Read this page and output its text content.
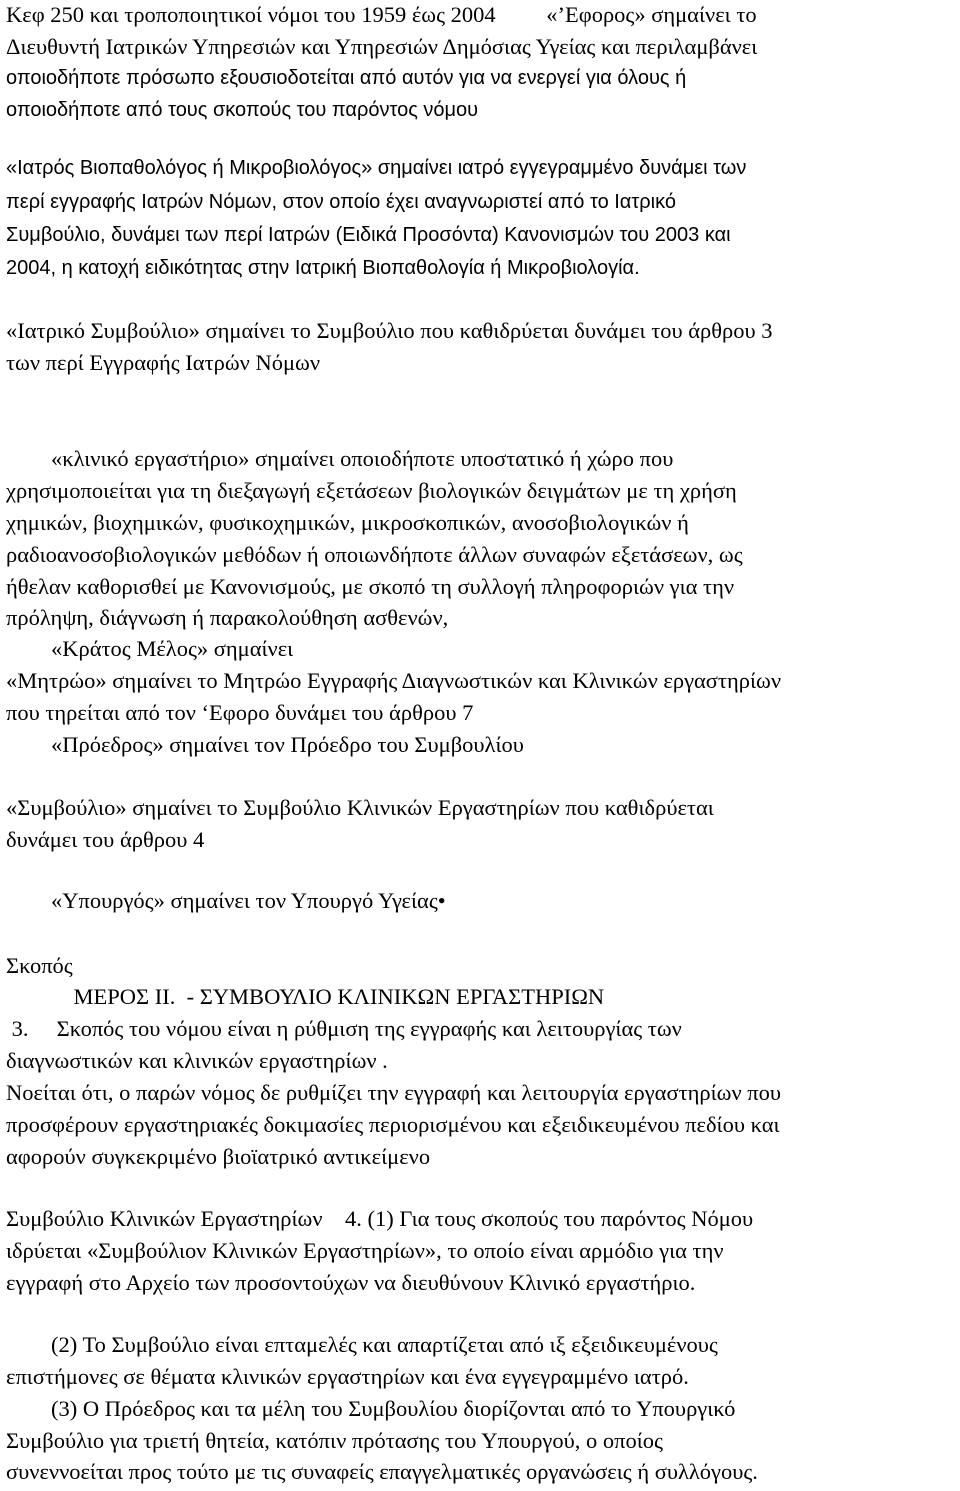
Κεφ 250 και τροποποιητικοί νόμοι του 1959 έως 2004         «’Εφορος» σημαίνει το
Διευθυντή Ιατρικών Υπηρεσιών και Υπηρεσιών Δημόσιας Υγείας και περιλαμβάνει
οποιοδήποτε πρόσωπο εξουσιοδοτείται από αυτόν για να ενεργεί για όλους ή
οποιοδήποτε από τους σκοπούς του παρόντος νόμου
«Ιατρός Βιοπαθολόγος ή Μικροβιολόγος» σημαίνει ιατρό εγγεγραμμένο δυνάμει των
περί εγγραφής Ιατρών Νόμων, στον οποίο έχει αναγνωριστεί από το Ιατρικό
Συμβούλιο, δυνάμει των περί Ιατρών (Ειδικά Προσόντα) Κανονισμών του 2003 και
2004, η κατοχή ειδικότητας στην Ιατρική Βιοπαθολογία ή Μικροβιολογία.
«Ιατρικό Συμβούλιο» σημαίνει το Συμβούλιο που καθιδρύεται δυνάμει του άρθρου 3
των περί Εγγραφής Ιατρών Νόμων
«κλινικό εργαστήριο» σημαίνει οποιοδήποτε υποστατικό ή χώρο που
χρησιμοποιείται για τη διεξαγωγή εξετάσεων βιολογικών δειγμάτων με τη χρήση
χημικών, βιοχημικών, φυσικοχημικών, μικροσκοπικών, ανοσοβιολογικών ή
ραδιοανοσοβιολογικών μεθόδων ή οποιωνδήποτε άλλων συναφών εξετάσεων, ως
ήθελαν καθορισθεί με Κανονισμούς, με σκοπό τη συλλογή πληροφοριών για την
πρόληψη, διάγνωση ή παρακολούθηση ασθενών,
«Κράτος Μέλος» σημαίνει
«Μητρώο» σημαίνει το Μητρώο Εγγραφής Διαγνωστικών και Κλινικών εργαστηρίων
που τηρείται από τον ‘Εφορο δυνάμει του άρθρου 7
«Πρόεδρος» σημαίνει τον Πρόεδρο του Συμβουλίου
«Συμβούλιο» σημαίνει το Συμβούλιο Κλινικών Εργαστηρίων που καθιδρύεται
δυνάμει του άρθρου 4
«Υπουργός» σημαίνει τον Υπουργό Υγείας•
Σκοπός
ΜΕΡΟΣ ΙΙ.  - ΣΥΜΒΟΥΛΙΟ ΚΛΙΝΙΚΩΝ ΕΡΓΑΣΤΗΡΙΩΝ
3.     Σκοπός του νόμου είναι η ρύθμιση της εγγραφής και λειτουργίας των
διαγνωστικών και κλινικών εργαστηρίων .
Νοείται ότι, ο παρών νόμος δε ρυθμίζει την εγγραφή και λειτουργία εργαστηρίων που
προσφέρουν εργαστηριακές δοκιμασίες περιορισμένου και εξειδικευμένου πεδίου και
αφορούν συγκεκριμένο βιοϊατρικό αντικείμενο
Συμβούλιο Κλινικών Εργαστηρίων    4. (1) Για τους σκοπούς του παρόντος Νόμου
ιδρύεται «Συμβούλιον Κλινικών Εργαστηρίων», το οποίο είναι αρμόδιο για την
εγγραφή στο Αρχείο των προσοντούχων να διευθύνουν Κλινικό εργαστήριο.
(2) Το Συμβούλιο είναι επταμελές και απαρτίζεται από ιξ εξειδικευμένους
επιστήμονες σε θέματα κλινικών εργαστηρίων και ένα εγγεγραμμένο ιατρό.
(3) Ο Πρόεδρος και τα μέλη του Συμβουλίου διορίζονται από το Υπουργικό
Συμβούλιο για τριετή θητεία, κατόπιν πρότασης του Υπουργού, ο οποίος
συνεννοείται προς τούτο με τις συναφείς επαγγελματικές οργανώσεις ή συλλόγους.
